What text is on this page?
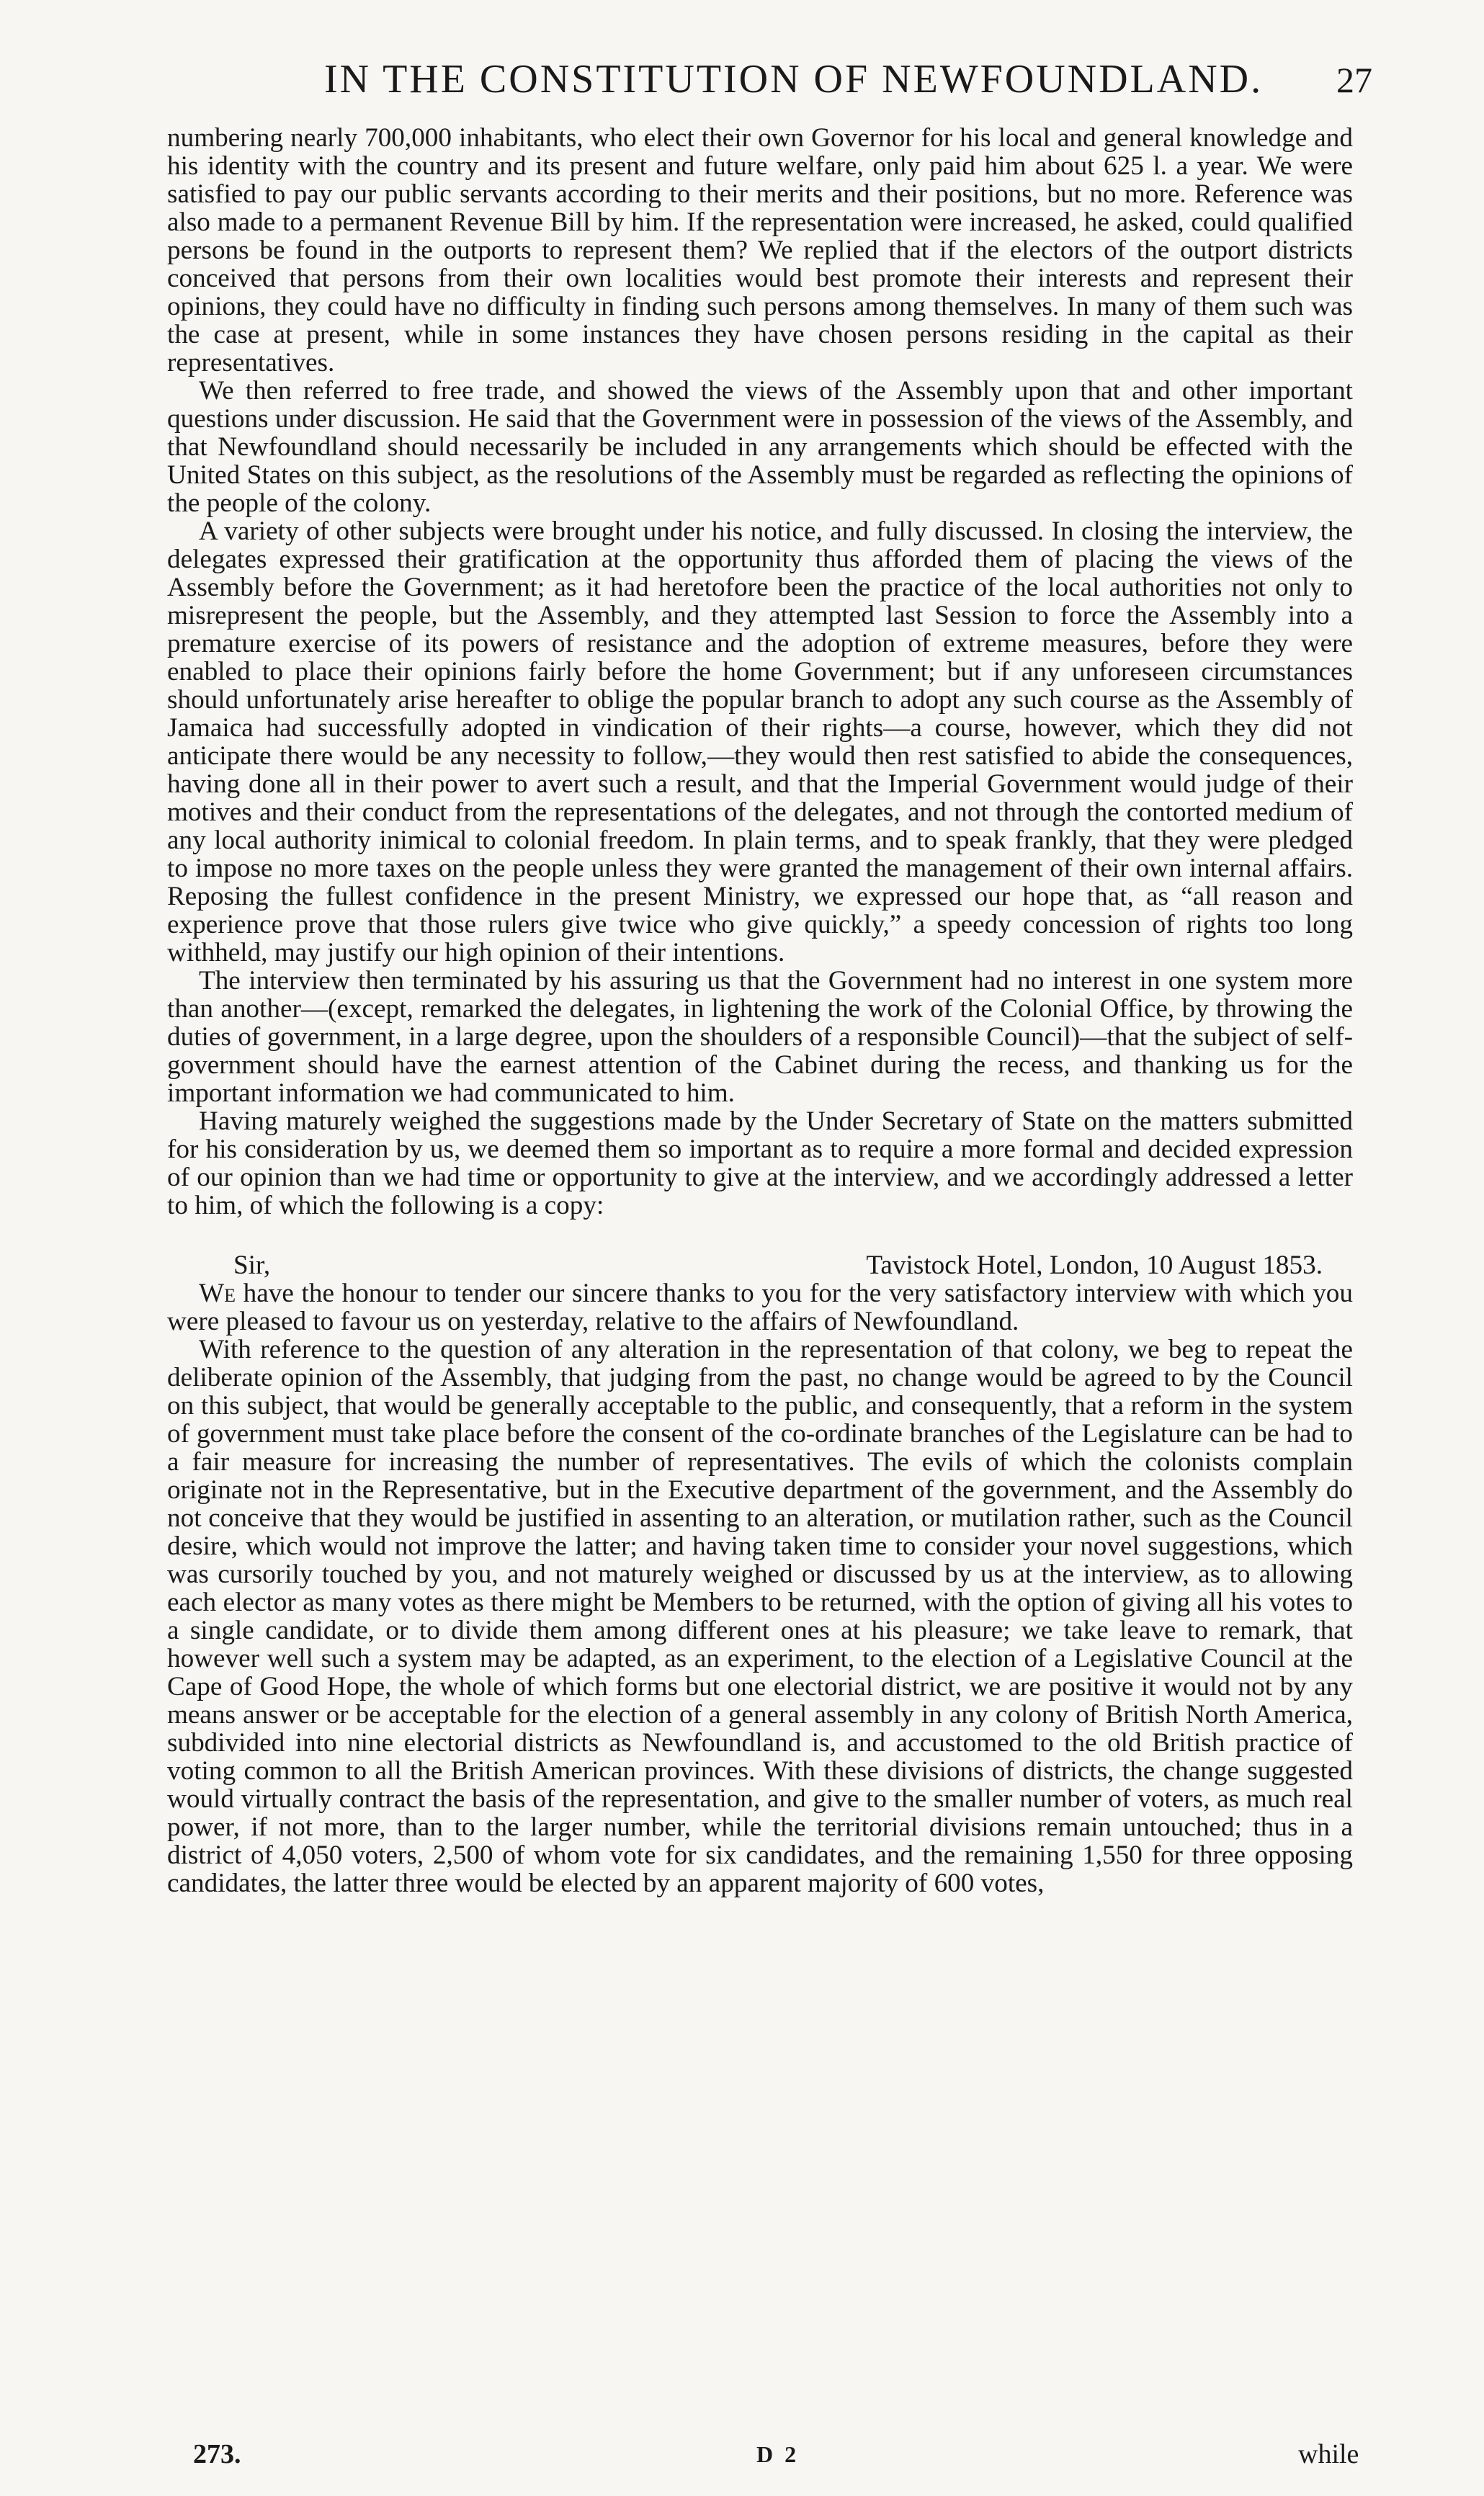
IN THE CONSTITUTION OF NEWFOUNDLAND. 27

numbering nearly 700,000 inhabitants, who elect their own Governor for his local and general knowledge and his identity with the country and its present and future welfare, only paid him about 625 l. a year. We were satisfied to pay our public servants according to their merits and their positions, but no more. Reference was also made to a permanent Revenue Bill by him. If the representation were increased, he asked, could qualified persons be found in the outports to represent them? We replied that if the electors of the outport districts conceived that persons from their own localities would best promote their interests and represent their opinions, they could have no difficulty in finding such persons among themselves. In many of them such was the case at present, while in some instances they have chosen persons residing in the capital as their representatives.

We then referred to free trade, and showed the views of the Assembly upon that and other important questions under discussion. He said that the Government were in possession of the views of the Assembly, and that Newfoundland should necessarily be included in any arrangements which should be effected with the United States on this subject, as the resolutions of the Assembly must be regarded as reflecting the opinions of the people of the colony.

A variety of other subjects were brought under his notice, and fully discussed. In closing the interview, the delegates expressed their gratification at the opportunity thus afforded them of placing the views of the Assembly before the Government; as it had heretofore been the practice of the local authorities not only to misrepresent the people, but the Assembly, and they attempted last Session to force the Assembly into a premature exercise of its powers of resistance and the adoption of extreme measures, before they were enabled to place their opinions fairly before the home Government; but if any unforeseen circumstances should unfortunately arise hereafter to oblige the popular branch to adopt any such course as the Assembly of Jamaica had successfully adopted in vindication of their rights—a course, however, which they did not anticipate there would be any necessity to follow,—they would then rest satisfied to abide the consequences, having done all in their power to avert such a result, and that the Imperial Government would judge of their motives and their conduct from the representations of the delegates, and not through the contorted medium of any local authority inimical to colonial freedom. In plain terms, and to speak frankly, that they were pledged to impose no more taxes on the people unless they were granted the management of their own internal affairs. Reposing the fullest confidence in the present Ministry, we expressed our hope that, as “all reason and experience prove that those rulers give twice who give quickly,” a speedy concession of rights too long withheld, may justify our high opinion of their intentions.

The interview then terminated by his assuring us that the Government had no interest in one system more than another—(except, remarked the delegates, in lightening the work of the Colonial Office, by throwing the duties of government, in a large degree, upon the shoulders of a responsible Council)—that the subject of self-government should have the earnest attention of the Cabinet during the recess, and thanking us for the important information we had communicated to him.

Having maturely weighed the suggestions made by the Under Secretary of State on the matters submitted for his consideration by us, we deemed them so important as to require a more formal and decided expression of our opinion than we had time or opportunity to give at the interview, and we accordingly addressed a letter to him, of which the following is a copy:

Sir,	Tavistock Hotel, London, 10 August 1853.

We have the honour to tender our sincere thanks to you for the very satisfactory interview with which you were pleased to favour us on yesterday, relative to the affairs of Newfoundland.

With reference to the question of any alteration in the representation of that colony, we beg to repeat the deliberate opinion of the Assembly, that judging from the past, no change would be agreed to by the Council on this subject, that would be generally acceptable to the public, and consequently, that a reform in the system of government must take place before the consent of the co-ordinate branches of the Legislature can be had to a fair measure for increasing the number of representatives. The evils of which the colonists complain originate not in the Representative, but in the Executive department of the government, and the Assembly do not conceive that they would be justified in assenting to an alteration, or mutilation rather, such as the Council desire, which would not improve the latter; and having taken time to consider your novel suggestions, which was cursorily touched by you, and not maturely weighed or discussed by us at the interview, as to allowing each elector as many votes as there might be Members to be returned, with the option of giving all his votes to a single candidate, or to divide them among different ones at his pleasure; we take leave to remark, that however well such a system may be adapted, as an experiment, to the election of a Legislative Council at the Cape of Good Hope, the whole of which forms but one electorial district, we are positive it would not by any means answer or be acceptable for the election of a general assembly in any colony of British North America, subdivided into nine electorial districts as Newfoundland is, and accustomed to the old British practice of voting common to all the British American provinces. With these divisions of districts, the change suggested would virtually contract the basis of the representation, and give to the smaller number of voters, as much real power, if not more, than to the larger number, while the territorial divisions remain untouched; thus in a district of 4,050 voters, 2,500 of whom vote for six candidates, and the remaining 1,550 for three opposing candidates, the latter three would be elected by an apparent majority of 600 votes,

273.	D 2	while
